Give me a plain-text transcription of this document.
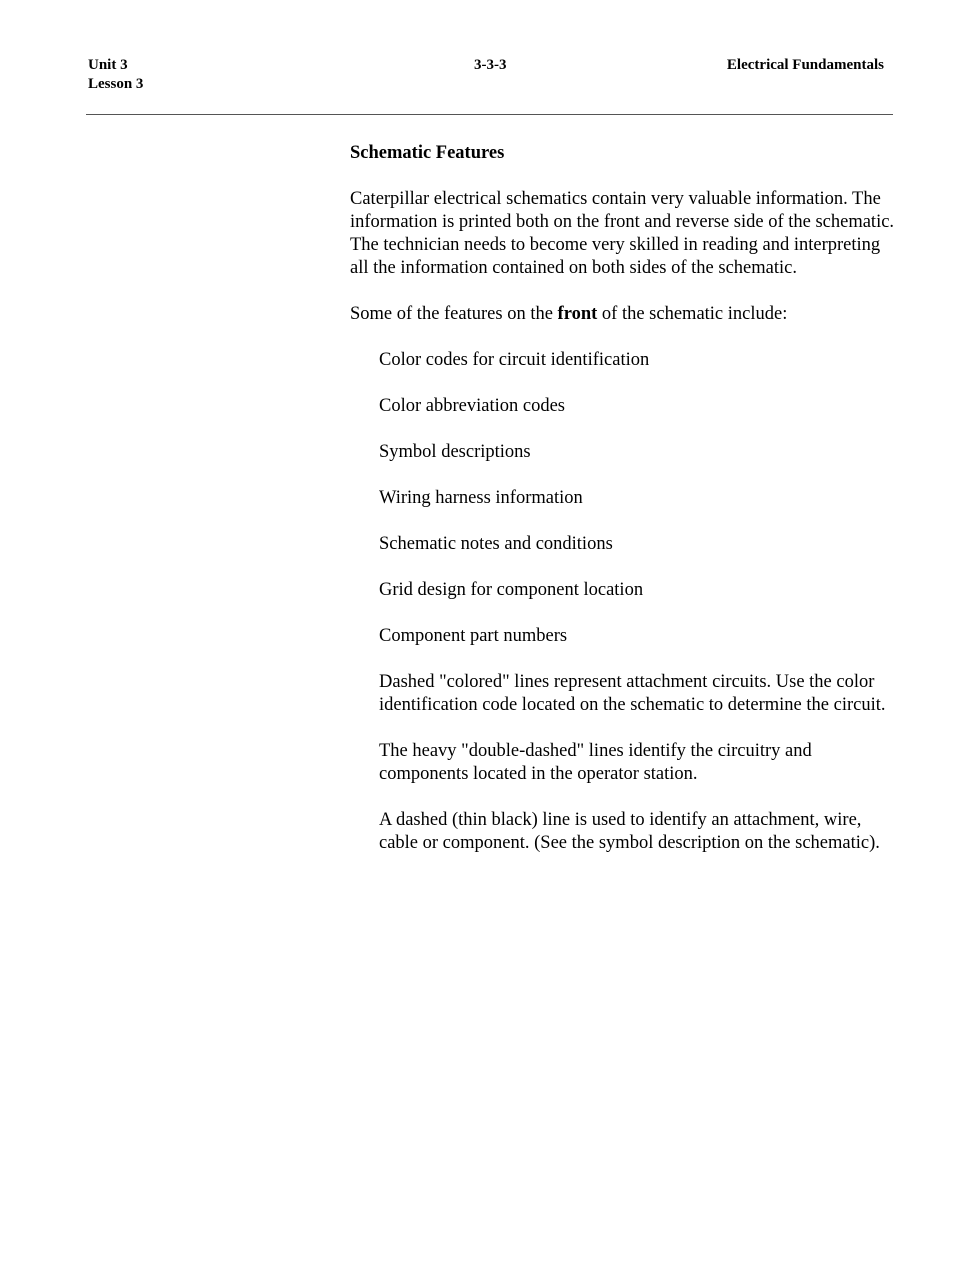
Unit 3
Lesson 3
3-3-3	Electrical Fundamentals

Schematic Features

Caterpillar electrical schematics contain very valuable information. The information is printed both on the front and reverse side of the schematic. The technician needs to become very skilled in reading and interpreting all the information contained on both sides of the schematic.

Some of the features on the front of the schematic include:

Color codes for circuit identification
Color abbreviation codes
Symbol descriptions
Wiring harness information
Schematic notes and conditions
Grid design for component location
Component part numbers
Dashed "colored" lines represent attachment circuits. Use the color identification code located on the schematic to determine the circuit.
The heavy "double-dashed" lines identify the circuitry and components located in the operator station.
A dashed (thin black) line is used to identify an attachment, wire, cable or component. (See the symbol description on the schematic).
